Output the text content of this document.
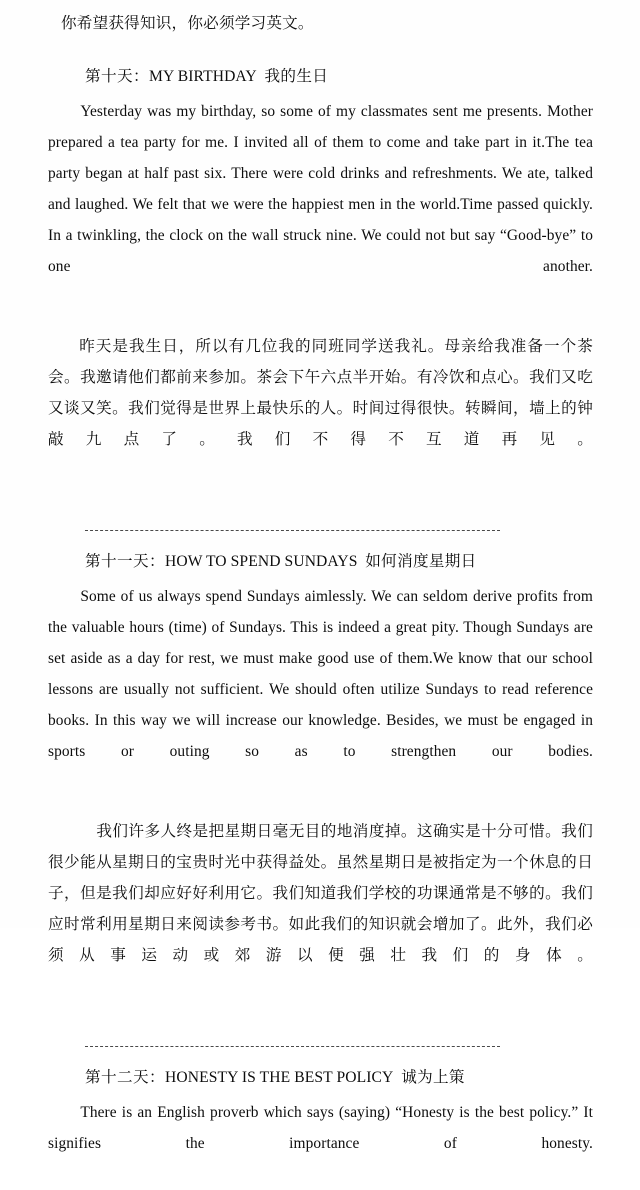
你希望获得知识，你必须学习英文。

第十天：MY BIRTHDAY 我的生日

Yesterday was my birthday, so some of my classmates sent me presents. Mother prepared a tea party for me. I invited all of them to come and take part in it.The tea party began at half past six. There were cold drinks and refreshments. We ate, talked and laughed. We felt that we were the happiest men in the world.Time passed quickly. In a twinkling, the clock on the wall struck nine. We could not but say “Good-bye” to one another.

昨天是我生日，所以有几位我的同班同学送我礼。母亲给我准备一个茶会。我邀请他们都前来参加。茶会下午六点半开始。有冷饮和点心。我们又吃又谈又笑。我们觉得是世界上最快乐的人。时间过得很快。转瞬间，墙上的钟敲九点了。我们不得不互道再见。

第十一天：HOW TO SPEND SUNDAYS 如何消度星期日

Some of us always spend Sundays aimlessly. We can seldom derive profits from the valuable hours (time) of Sundays. This is indeed a great pity. Though Sundays are set aside as a day for rest, we must make good use of them.We know that our school lessons are usually not sufficient. We should often utilize Sundays to read reference books. In this way we will increase our knowledge. Besides, we must be engaged in sports or outing so as to strengthen our bodies.

我们许多人终是把星期日毫无目的地消度掉。这确实是十分可惜。我们很少能从星期日的宝贵时光中获得益处。虽然星期日是被指定为一个休息的日子，但是我们却应好好利用它。我们知道我们学校的功课通常是不够的。我们应时常利用星期日来阅读参考书。如此我们的知识就会增加了。此外，我们必须从事运动或郊游以便强壮我们的身体。

第十二天：HONESTY IS THE BEST POLICY 诚为上策

There is an English proverb which says (saying) “Honesty is the best policy.” It signifies the importance of honesty.
